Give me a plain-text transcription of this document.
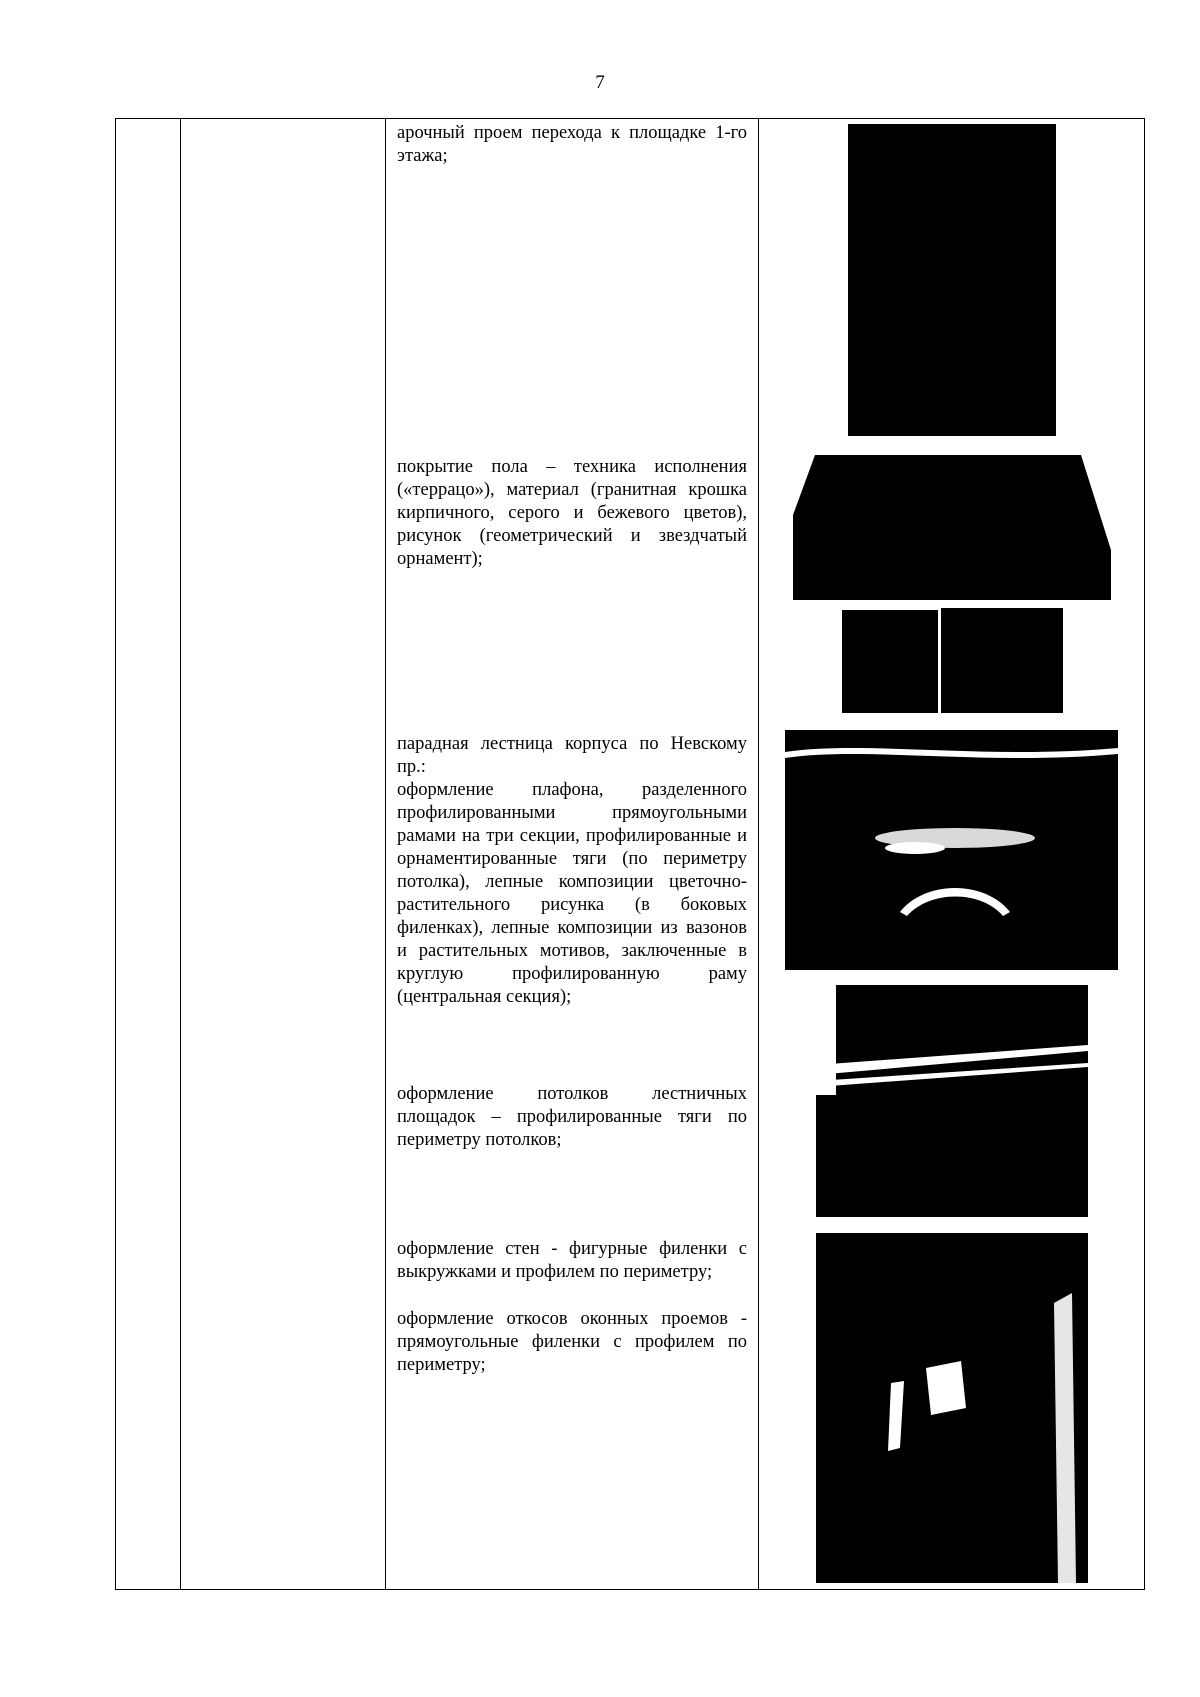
7

арочный проем перехода к площадке 1-го этажа;

покрытие пола – техника исполнения («террацо»), материал (гранитная крошка кирпичного, серого и бежевого цветов), рисунок (геометрический и звездчатый орнамент);

парадная лестница корпуса по Невскому пр.:

оформление плафона, разделенного профилированными прямоугольными рамами на три секции, профилированные и орнаментированные тяги (по периметру потолка), лепные композиции цветочно-растительного рисунка (в боковых филенках), лепные композиции из вазонов и растительных мотивов, заключенные в круглую профилированную раму (центральная секция);

оформление потолков лестничных площадок – профилированные тяги по периметру потолков;

оформление стен - фигурные филенки с выкружками и профилем по периметру;

оформление откосов оконных проемов - прямоугольные филенки с профилем по периметру;
